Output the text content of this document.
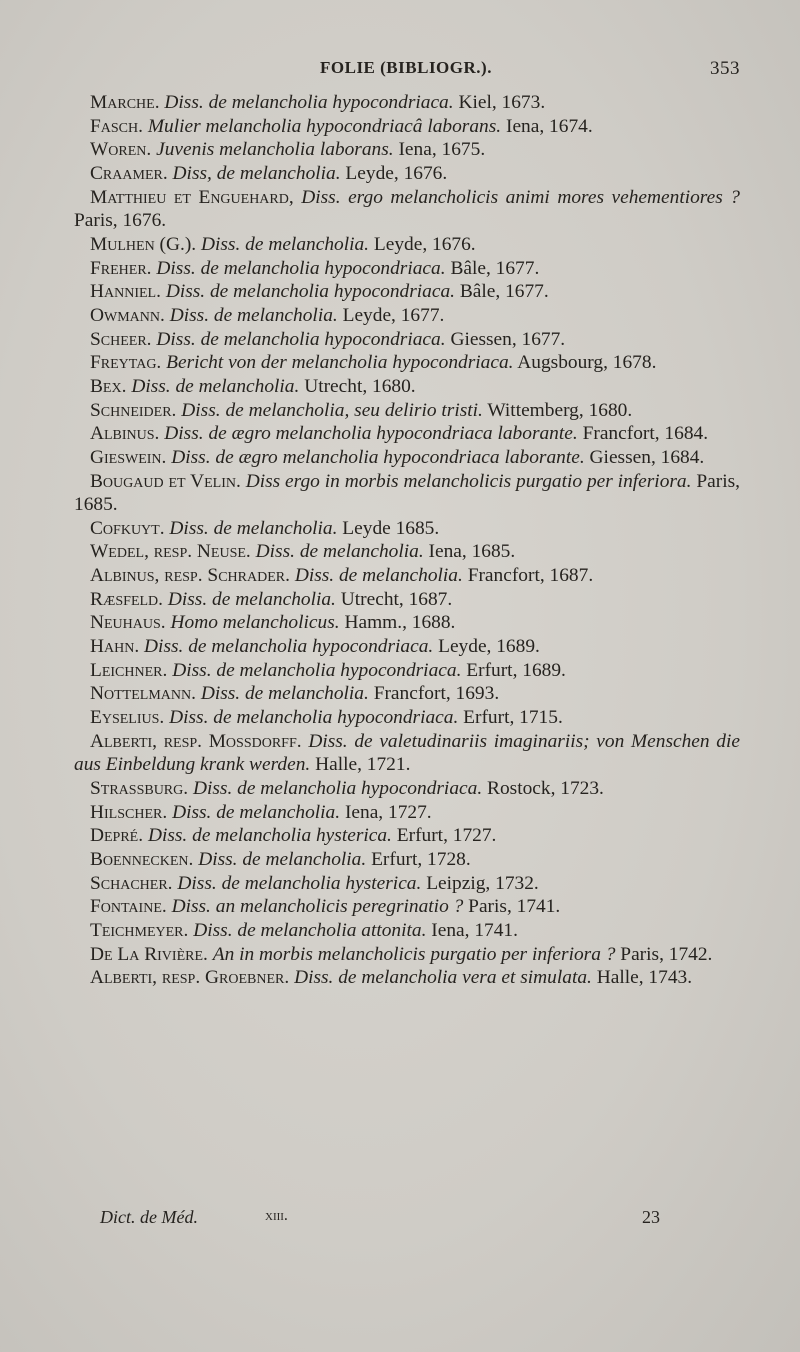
FOLIE (BIBLIOGR.).	353
Marche. Diss. de melancholia hypocondriaca. Kiel, 1673.
Fasch. Mulier melancholia hypocondriacâ laborans. Iena, 1674.
Woren. Juvenis melancholia laborans. Iena, 1675.
Craamer. Diss, de melancholia. Leyde, 1676.
Matthieu et Enguehard, Diss. ergo melancholicis animi mores vehementiores ? Paris, 1676.
Mulhen (G.). Diss. de melancholia. Leyde, 1676.
Freher. Diss. de melancholia hypocondriaca. Bâle, 1677.
Hanniel. Diss. de melancholia hypocondriaca. Bâle, 1677.
Owmann. Diss. de melancholia. Leyde, 1677.
Scheer. Diss. de melancholia hypocondriaca. Giessen, 1677.
Freytag. Bericht von der melancholia hypocondriaca. Augsbourg, 1678.
Bex. Diss. de melancholia. Utrecht, 1680.
Schneider. Diss. de melancholia, seu delirio tristi. Wittemberg, 1680.
Albinus. Diss. de ægro melancholia hypocondriaca laborante. Francfort, 1684.
Gieswein. Diss. de ægro melancholia hypocondriaca laborante. Giessen, 1684.
Bougaud et Velin. Diss ergo in morbis melancholicis purgatio per inferiora. Paris, 1685.
Cofkuyt. Diss. de melancholia. Leyde 1685.
Wedel, resp. Neuse. Diss. de melancholia. Iena, 1685.
Albinus, resp. Schrader. Diss. de melancholia. Francfort, 1687.
Ræsfeld. Diss. de melancholia. Utrecht, 1687.
Neuhaus. Homo melancholicus. Hamm., 1688.
Hahn. Diss. de melancholia hypocondriaca. Leyde, 1689.
Leichner. Diss. de melancholia hypocondriaca. Erfurt, 1689.
Nottelmann. Diss. de melancholia. Francfort, 1693.
Eyselius. Diss. de melancholia hypocondriaca. Erfurt, 1715.
Alberti, resp. Mossdorff. Diss. de valetudinariis imaginariis; von Menschen die aus Einbeldung krank werden. Halle, 1721.
Strassburg. Diss. de melancholia hypocondriaca. Rostock, 1723.
Hilscher. Diss. de melancholia. Iena, 1727.
Depré. Diss. de melancholia hysterica. Erfurt, 1727.
Boennecken. Diss. de melancholia. Erfurt, 1728.
Schacher. Diss. de melancholia hysterica. Leipzig, 1732.
Fontaine. Diss. an melancholicis peregrinatio ? Paris, 1741.
Teichmeyer. Diss. de melancholia attonita. Iena, 1741.
De La Rivière. An in morbis melancholicis purgatio per inferiora ? Paris, 1742.
Alberti, resp. Groebner. Diss. de melancholia vera et simulata. Halle, 1743.
Dict. de Méd.	xiii.	23
